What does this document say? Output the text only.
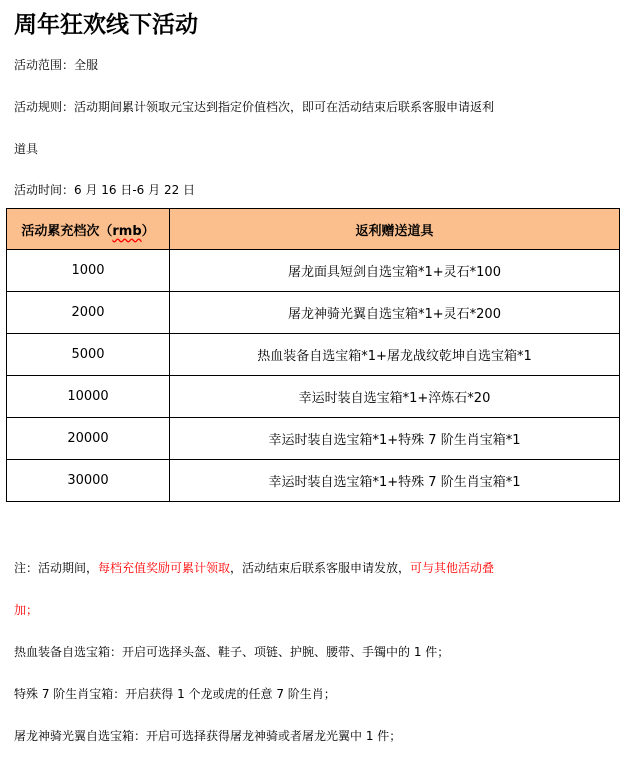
周年狂欢线下活动
活动范围：全服
活动规则：活动期间累计领取元宝达到指定价值档次，即可在活动结束后联系客服申请返利
道具
活动时间：6 月 16 日-6 月 22 日
活动累充档次（rmb）	返利赠送道具
1000	屠龙面具短剑自选宝箱*1+灵石*100
2000	屠龙神骑光翼自选宝箱*1+灵石*200
5000	热血装备自选宝箱*1+屠龙战纹乾坤自选宝箱*1
10000	幸运时装自选宝箱*1+淬炼石*20
20000	幸运时装自选宝箱*1+特殊 7 阶生肖宝箱*1
30000	幸运时装自选宝箱*1+特殊 7 阶生肖宝箱*1
注：活动期间，每档充值奖励可累计领取，活动结束后联系客服申请发放，可与其他活动叠
加；
热血装备自选宝箱：开启可选择头盔、鞋子、项链、护腕、腰带、手镯中的 1 件；
特殊 7 阶生肖宝箱：开启获得 1 个龙或虎的任意 7 阶生肖；
屠龙神骑光翼自选宝箱：开启可选择获得屠龙神骑或者屠龙光翼中 1 件；
